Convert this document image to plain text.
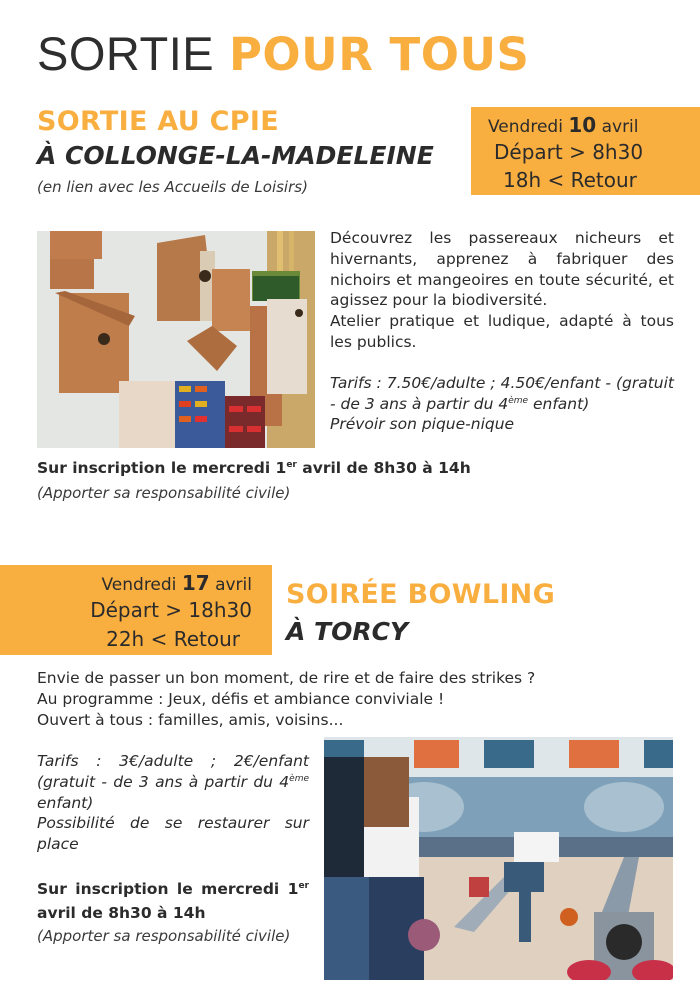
SORTIE POUR TOUS
SORTIE AU CPIE
À COLLONGE-LA-MADELEINE
(en lien avec les Accueils de Loisirs)
Vendredi 10 avril
Départ > 8h30
18h < Retour
Découvrez les passereaux nicheurs et hivernants, apprenez à fabriquer des nichoirs et mangeoires en toute sécurité, et agissez pour la biodiversité.
Atelier pratique et ludique, adapté à tous les publics.
Tarifs : 7.50€/adulte ; 4.50€/enfant - (gratuit - de 3 ans à partir du 4ème enfant)
Prévoir son pique-nique
Sur inscription le mercredi 1er avril de 8h30 à 14h
(Apporter sa responsabilité civile)
Vendredi 17 avril
Départ > 18h30
22h < Retour
SOIRÉE BOWLING
À TORCY
Envie de passer un bon moment, de rire et de faire des strikes ?
Au programme : Jeux, défis et ambiance conviviale !
Ouvert à tous : familles, amis, voisins...
Tarifs : 3€/adulte ; 2€/enfant (gratuit - de 3 ans à partir du 4ème enfant)
Possibilité de se restaurer sur place
Sur inscription le mercredi 1er avril de 8h30 à 14h
(Apporter sa responsabilité civile)
